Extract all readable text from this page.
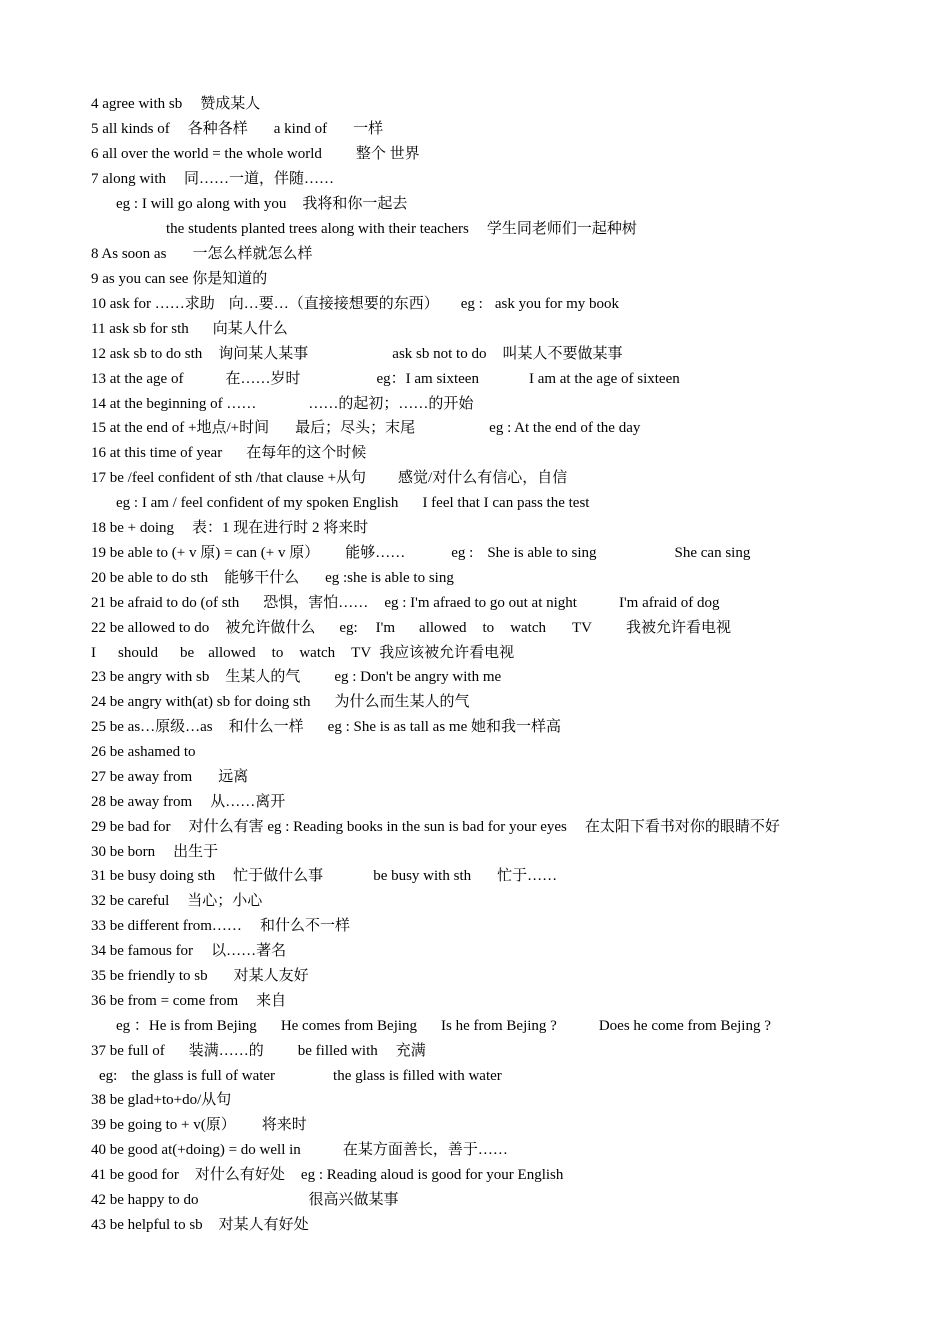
4 agree with sb 赞成某人
5 all kinds of 各种各样 a kind of 一样
6 all over the world = the whole world 整个 世界
7 along with 同……一道，伴随……
eg : I will go along with you 我将和你一起去
the students planted trees along with their teachers 学生同老师们一起种树
8 As soon as 一怎么样就怎么样
9 as you can see 你是知道的
10 ask for ……求助 向…要…（直接接想要的东西） eg : ask you for my book
11 ask sb for sth 向某人什么
12 ask sb to do sth 询问某人某事	ask sb not to do 叫某人不要做某事
13 at the age of	在……岁时	eg：I am sixteen	I am at the age of sixteen
14 at the beginning of ……	……的起初；……的开始
15 at the end of +地点/+时间 最后；尽头；末尾	eg : At the end of the day
16 at this time of year 在每年的这个时候
17 be /feel confident of sth /that clause +从句 感觉/对什么有信心，自信
eg : I am / feel confident of my spoken English I feel that I can pass the test
18 be + doing 表：1 现在进行时 2 将来时
19 be able to (+ v 原) = can (+ v 原） 能够……	eg : She is able to sing	She can sing
20 be able to do sth 能够干什么 eg :she is able to sing
21 be afraid to do (of sth 恐惧，害怕…… eg : I'm afraed to go out at night	I'm afraid of dog
22 be allowed to do 被允许做什么 eg: I'm allowed to watch TV 我被允许看电视
I should be allowed to watch TV 我应该被允许看电视
23 be angry with sb 生某人的气 eg : Don't be angry with me
24 be angry with(at) sb for doing sth 为什么而生某人的气
25 be as…原级…as 和什么一样 eg : She is as tall as me 她和我一样高
26 be ashamed to
27 be away from 远离
28 be away from 从……离开
29 be bad for 对什么有害 eg : Reading books in the sun is bad for your eyes 在太阳下看书对你的眼睛不好
30 be born 出生于
31 be busy doing sth 忙于做什么事	be busy with sth 忙于……
32 be careful 当心；小心
33 be different from…… 和什么不一样
34 be famous for 以……著名
35 be friendly to sb 对某人友好
36 be from = come from 来自
eg ：He is from Bejing He comes from Bejing Is he from Bejing ?	Does he come from Bejing ?
37 be full of 装满……的 be filled with 充满
eg: the glass is full of water	the glass is filled with water
38 be glad+to+do/从句
39 be going to + v(原） 将来时
40 be good at(+doing) = do well in	在某方面善长，善于……
41 be good for 对什么有好处 eg : Reading aloud is good for your English
42 be happy to do	很高兴做某事
43 be helpful to sb 对某人有好处
